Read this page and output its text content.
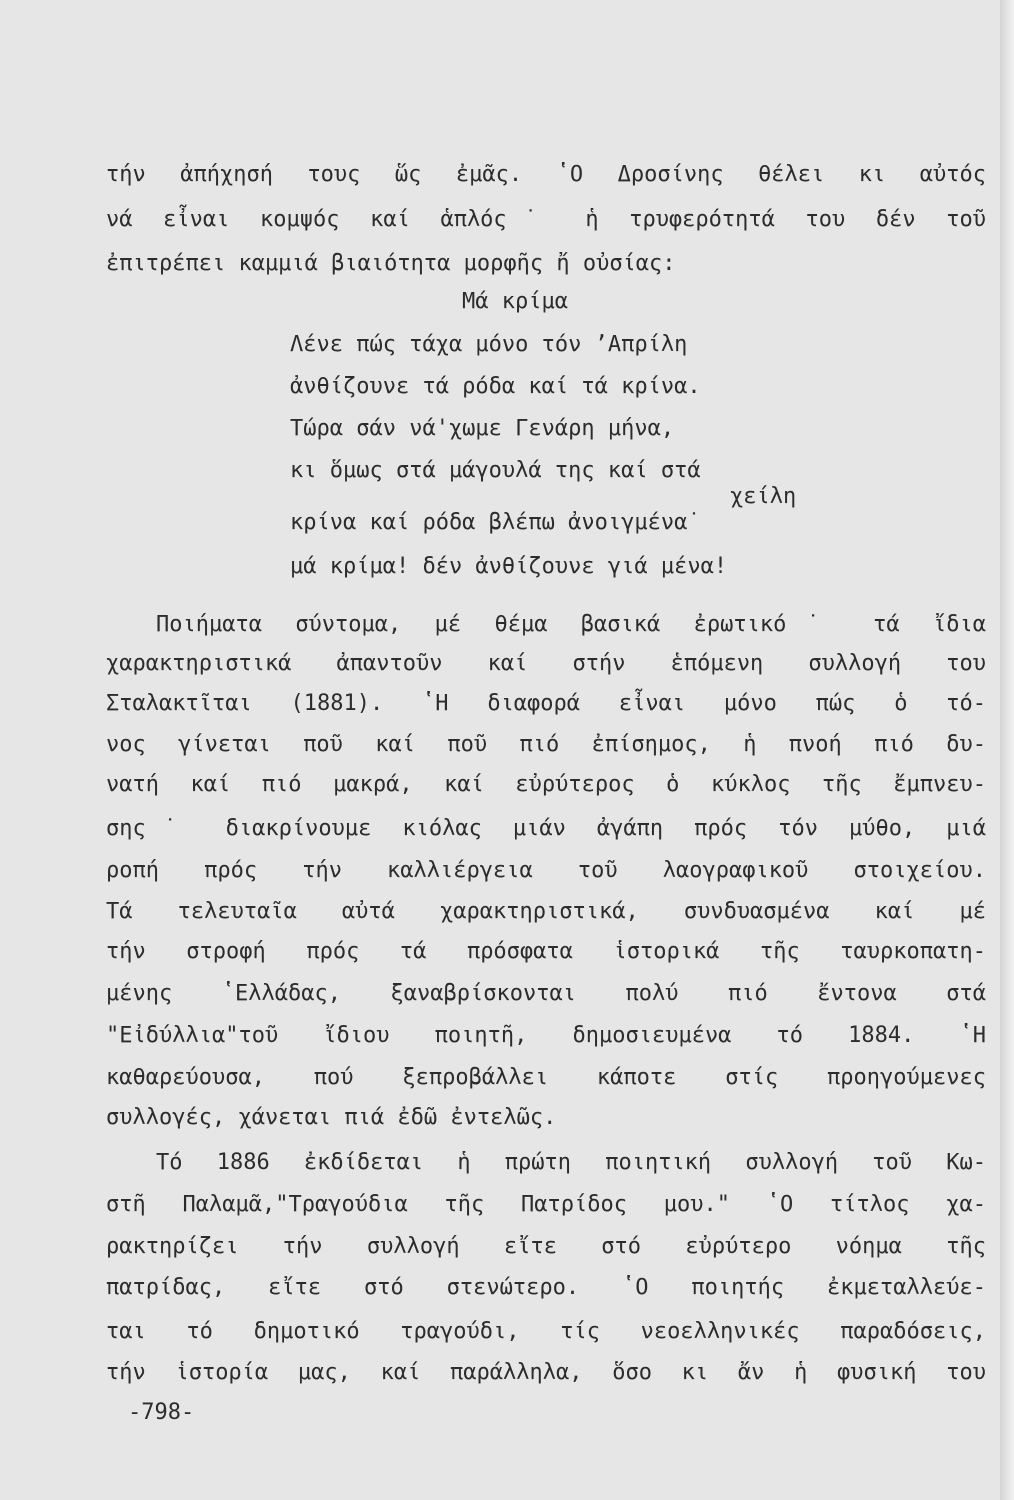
τήν ἀπήχησή τους ὥς ἐμᾶς. ʽΟ Δροσίνης θέλει κι αὐτός

νά εἶναι κομψός καί ἁπλός˙ ἡ τρυφερότητά του δέν τοῦ

ἐπιτρέπει καμμιά βιαιότητα μορφῆς ἤ οὐσίας:

Μά κρίμα

Λένε πώς τάχα μόνο τόν ʼΑπρίλη

ἀνθίζουνε τά ρόδα καί τά κρίνα.

Τώρα σάν νά'χωμε Γενάρη μήνα,

κι ὅμως στά μάγουλά της καί στά

χείλη

κρίνα καί ρόδα βλέπω ἀνοιγμένα˙

μά κρίμα! δέν ἀνθίζουνε γιά μένα!

Ποιήματα σύντομα, μέ θέμα βασικά ἐρωτικό˙ τά ἴδια

χαρακτηριστικά ἀπαντοῦν καί στήν ἑπόμενη συλλογή του

Σταλακτῖται (1881). ʽΗ διαφορά εἶναι μόνο πώς ὁ τό-

νος γίνεται ποῦ καί ποῦ πιό ἐπίσημος, ἡ πνοή πιό δυ-

νατή καί πιό μακρά, καί εὐρύτερος ὁ κύκλος τῆς ἔμπνευ-

σης˙ διακρίνουμε κιόλας μιάν ἀγάπη πρός τόν μύθο, μιά

ροπή πρός τήν καλλιέργεια τοῦ λαογραφικοῦ στοιχείου.

Τά τελευταῖα αὐτά χαρακτηριστικά, συνδυασμένα καί μέ

τήν στροφή πρός τά πρόσφατα ἱστορικά τῆς ταυρκοπατη-

μένης ʽΕλλάδας, ξαναβρίσκονται πολύ πιό ἔντονα στά

"Εἰδύλλια"τοῦ ἴδιου ποιητῆ, δημοσιευμένα τό 1884. ʽΗ

καθαρεύουσα, πού ξεπροβάλλει κάποτε στίς προηγούμενες

συλλογές, χάνεται πιά ἐδῶ ἐντελῶς.

Τό 1886 ἐκδίδεται ἡ πρώτη ποιητική συλλογή τοῦ Κω-

στῆ Παλαμᾶ,"Τραγούδια τῆς Πατρίδος μου." ʽΟ τίτλος χα-

ρακτηρίζει τήν συλλογή εἴτε στό εὐρύτερο νόημα τῆς

πατρίδας, εἴτε στό στενώτερο. ʽΟ ποιητής ἐκμεταλλεύε-

ται τό δημοτικό τραγούδι, τίς νεοελληνικές παραδόσεις,

τήν ἱστορία μας, καί παράλληλα, ὅσο κι ἄν ἡ φυσική του

-798-
